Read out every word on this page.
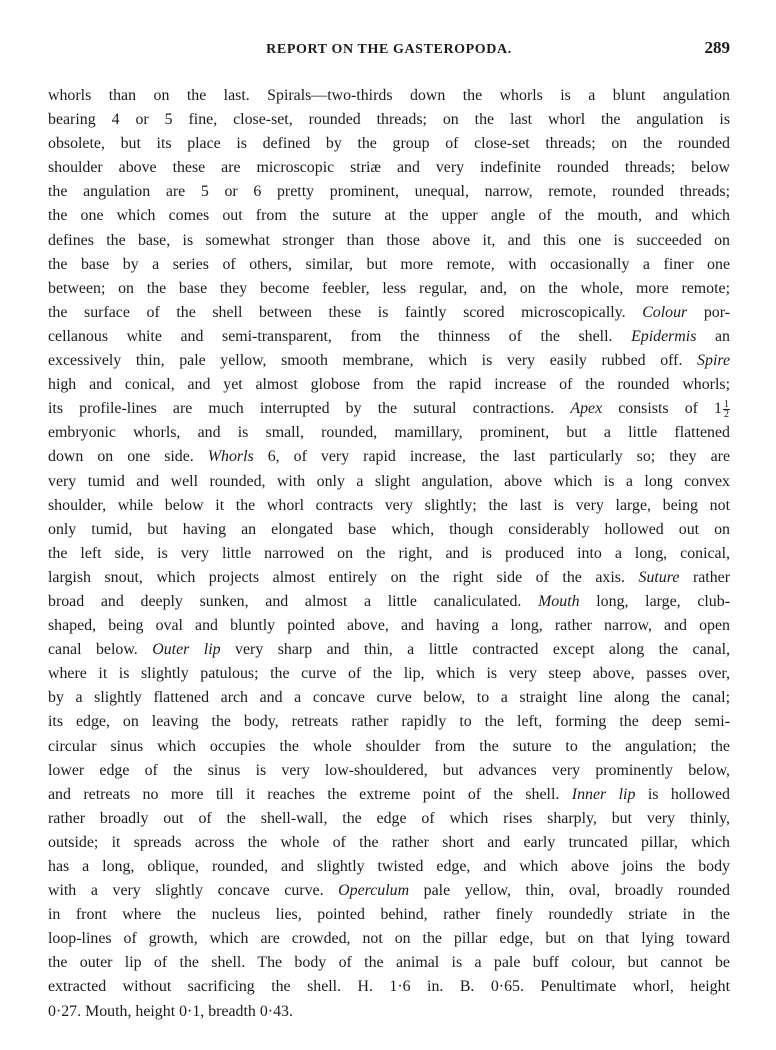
REPORT ON THE GASTEROPODA.	289
whorls than on the last. Spirals—two-thirds down the whorls is a blunt angulation
bearing 4 or 5 fine, close-set, rounded threads; on the last whorl the angulation is
obsolete, but its place is defined by the group of close-set threads; on the rounded
shoulder above these are microscopic striæ and very indefinite rounded threads; below
the angulation are 5 or 6 pretty prominent, unequal, narrow, remote, rounded threads;
the one which comes out from the suture at the upper angle of the mouth, and which
defines the base, is somewhat stronger than those above it, and this one is succeeded on
the base by a series of others, similar, but more remote, with occasionally a finer one
between; on the base they become feebler, less regular, and, on the whole, more remote;
the surface of the shell between these is faintly scored microscopically. Colour por-
cellanous white and semi-transparent, from the thinness of the shell. Epidermis an
excessively thin, pale yellow, smooth membrane, which is very easily rubbed off. Spire
high and conical, and yet almost globose from the rapid increase of the rounded whorls;
its profile-lines are much interrupted by the sutural contractions. Apex consists of $1 \frac{1}{2}$
embryonic whorls, and is small, rounded, mamillary, prominent, but a little flattened
down on one side. Whorls 6, of very rapid increase, the last particularly so; they are
very tumid and well rounded, with only a slight angulation, above which is a long convex
shoulder, while below it the whorl contracts very slightly; the last is very large, being not
only tumid, but having an elongated base which, though considerably hollowed out on
the left side, is very little narrowed on the right, and is produced into a long, conical,
largish snout, which projects almost entirely on the right side of the axis. Suture rather
broad and deeply sunken, and almost a little canaliculated. Mouth long, large, club-
shaped, being oval and bluntly pointed above, and having a long, rather narrow, and open
canal below. Outer lip very sharp and thin, a little contracted except along the canal,
where it is slightly patulous; the curve of the lip, which is very steep above, passes over,
by a slightly flattened arch and a concave curve below, to a straight line along the canal;
its edge, on leaving the body, retreats rather rapidly to the left, forming the deep semi-
circular sinus which occupies the whole shoulder from the suture to the angulation; the
lower edge of the sinus is very low-shouldered, but advances very prominently below,
and retreats no more till it reaches the extreme point of the shell. Inner lip is hollowed
rather broadly out of the shell-wall, the edge of which rises sharply, but very thinly,
outside; it spreads across the whole of the rather short and early truncated pillar, which
has a long, oblique, rounded, and slightly twisted edge, and which above joins the body
with a very slightly concave curve. Operculum pale yellow, thin, oval, broadly rounded
in front where the nucleus lies, pointed behind, rather finely roundedly striate in the
loop-lines of growth, which are crowded, not on the pillar edge, but on that lying toward
the outer lip of the shell. The body of the animal is a pale buff colour, but cannot be
extracted without sacrificing the shell. H. 1·6 in. B. 0·65. Penultimate whorl, height
0·27. Mouth, height 0·1, breadth 0·43.
